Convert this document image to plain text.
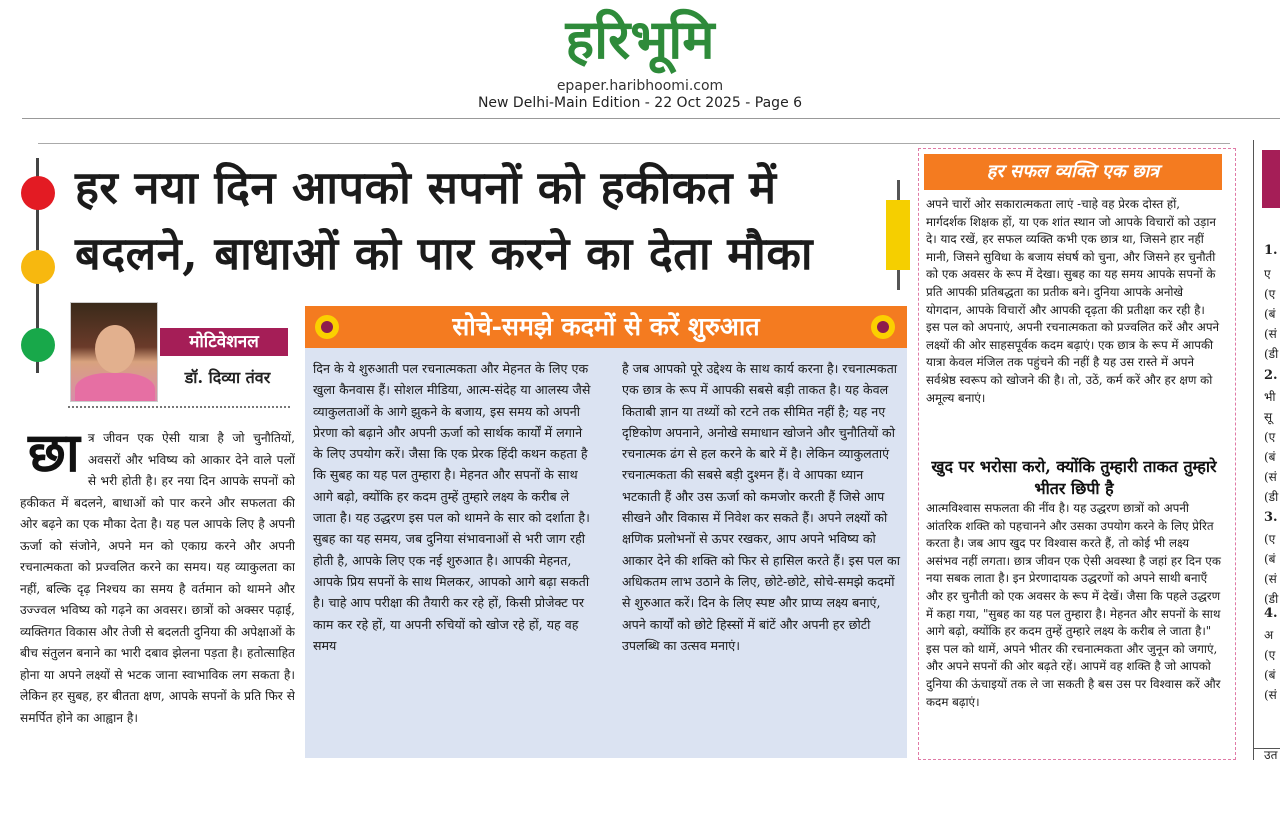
हरिभूमि
epaper.haribhoomi.com
New Delhi-Main Edition - 22 Oct 2025 - Page 6
हर नया दिन आपको सपनों को हकीकत में
बदलने, बाधाओं को पार करने का देता मौका
मोटिवेशनल
डॉ. दिव्या तंवर
छा त्र जीवन एक ऐसी यात्रा है जो चुनौतियों, अवसरों और भविष्य को आकार देने वाले पलों से भरी होती है। हर नया दिन आपके सपनों को हकीकत में बदलने, बाधाओं को पार करने और सफलता की ओर बढ़ने का एक मौका देता है। यह पल आपके लिए है अपनी ऊर्जा को संजोने, अपने मन को एकाग्र करने और अपनी रचनात्मकता को प्रज्वलित करने का समय। यह व्याकुलता का नहीं, बल्कि दृढ़ निश्चय का समय है वर्तमान को थामने और उज्ज्वल भविष्य को गढ़ने का अवसर। छात्रों को अक्सर पढ़ाई, व्यक्तिगत विकास और तेजी से बदलती दुनिया की अपेक्षाओं के बीच संतुलन बनाने का भारी दबाव झेलना पड़ता है। हतोत्साहित होना या अपने लक्ष्यों से भटक जाना स्वाभाविक लग सकता है। लेकिन हर सुबह, हर बीतता क्षण, आपके सपनों के प्रति फिर से समर्पित होने का आह्वान है।
सोचे-समझे कदमों से करें शुरुआत
दिन के ये शुरुआती पल रचनात्मकता और मेहनत के लिए एक खुला कैनवास हैं। सोशल मीडिया, आत्म-संदेह या आलस्य जैसे व्याकुलताओं के आगे झुकने के बजाय, इस समय को अपनी प्रेरणा को बढ़ाने और अपनी ऊर्जा को सार्थक कार्यों में लगाने के लिए उपयोग करें। जैसा कि एक प्रेरक हिंदी कथन कहता है कि सुबह का यह पल तुम्हारा है। मेहनत और सपनों के साथ आगे बढ़ो, क्योंकि हर कदम तुम्हें तुम्हारे लक्ष्य के करीब ले जाता है। यह उद्धरण इस पल को थामने के सार को दर्शाता है। सुबह का यह समय, जब दुनिया संभावनाओं से भरी जाग रही होती है, आपके लिए एक नई शुरुआत है। आपकी मेहनत, आपके प्रिय सपनों के साथ मिलकर, आपको आगे बढ़ा सकती है। चाहे आप परीक्षा की तैयारी कर रहे हों, किसी प्रोजेक्ट पर काम कर रहे हों, या अपनी रुचियों को खोज रहे हों, यह वह समय
है जब आपको पूरे उद्देश्य के साथ कार्य करना है। रचनात्मकता एक छात्र के रूप में आपकी सबसे बड़ी ताकत है। यह केवल किताबी ज्ञान या तथ्यों को रटने तक सीमित नहीं है; यह नए दृष्टिकोण अपनाने, अनोखे समाधान खोजने और चुनौतियों को रचनात्मक ढंग से हल करने के बारे में है। लेकिन व्याकुलताएं रचनात्मकता की सबसे बड़ी दुश्मन हैं। वे आपका ध्यान भटकाती हैं और उस ऊर्जा को कमजोर करती हैं जिसे आप सीखने और विकास में निवेश कर सकते हैं। अपने लक्ष्यों को क्षणिक प्रलोभनों से ऊपर रखकर, आप अपने भविष्य को आकार देने की शक्ति को फिर से हासिल करते हैं। इस पल का अधिकतम लाभ उठाने के लिए, छोटे-छोटे, सोचे-समझे कदमों से शुरुआत करें। दिन के लिए स्पष्ट और प्राप्य लक्ष्य बनाएं, अपने कार्यों को छोटे हिस्सों में बांटें और अपनी हर छोटी उपलब्धि का उत्सव मनाएं।
हर सफल व्यक्ति एक छात्र
अपने चारों ओर सकारात्मकता लाएं -चाहे वह प्रेरक दोस्त हों, मार्गदर्शक शिक्षक हों, या एक शांत स्थान जो आपके विचारों को उड़ान दे। याद रखें, हर सफल व्यक्ति कभी एक छात्र था, जिसने हार नहीं मानी, जिसने सुविधा के बजाय संघर्ष को चुना, और जिसने हर चुनौती को एक अवसर के रूप में देखा। सुबह का यह समय आपके सपनों के प्रति आपकी प्रतिबद्धता का प्रतीक बने। दुनिया आपके अनोखे योगदान, आपके विचारों और आपकी दृढ़ता की प्रतीक्षा कर रही है। इस पल को अपनाएं, अपनी रचनात्मकता को प्रज्वलित करें और अपने लक्ष्यों की ओर साहसपूर्वक कदम बढ़ाएं। एक छात्र के रूप में आपकी यात्रा केवल मंजिल तक पहुंचने की नहीं है यह उस रास्ते में अपने सर्वश्रेष्ठ स्वरूप को खोजने की है। तो, उठें, कर्म करें और हर क्षण को अमूल्य बनाएं।
खुद पर भरोसा करो, क्योंकि तुम्हारी ताकत तुम्हारे भीतर छिपी है
आत्मविश्वास सफलता की नींव है। यह उद्धरण छात्रों को अपनी आंतरिक शक्ति को पहचानने और उसका उपयोग करने के लिए प्रेरित करता है। जब आप खुद पर विश्वास करते हैं, तो कोई भी लक्ष्य असंभव नहीं लगता। छात्र जीवन एक ऐसी अवस्था है जहां हर दिन एक नया सबक लाता है। इन प्रेरणादायक उद्धरणों को अपने साथी बनाएँ और हर चुनौती को एक अवसर के रूप में देखें। जैसा कि पहले उद्धरण में कहा गया, "सुबह का यह पल तुम्हारा है। मेहनत और सपनों के साथ आगे बढ़ो, क्योंकि हर कदम तुम्हें तुम्हारे लक्ष्य के करीब ले जाता है।" इस पल को थामें, अपने भीतर की रचनात्मकता और जुनून को जगाएं, और अपने सपनों की ओर बढ़ते रहें। आपमें वह शक्ति है जो आपको दुनिया की ऊंचाइयों तक ले जा सकती है बस उस पर विश्वास करें और कदम बढ़ाएं।
1.
ए
(ए
(बं
(सं
(डी
2.
भी
सू
(ए
(बं
(सं
(डी
3.
(ए
(बं
(सं
(डी
4.
अ
(ए
(बं
(सं
उत
